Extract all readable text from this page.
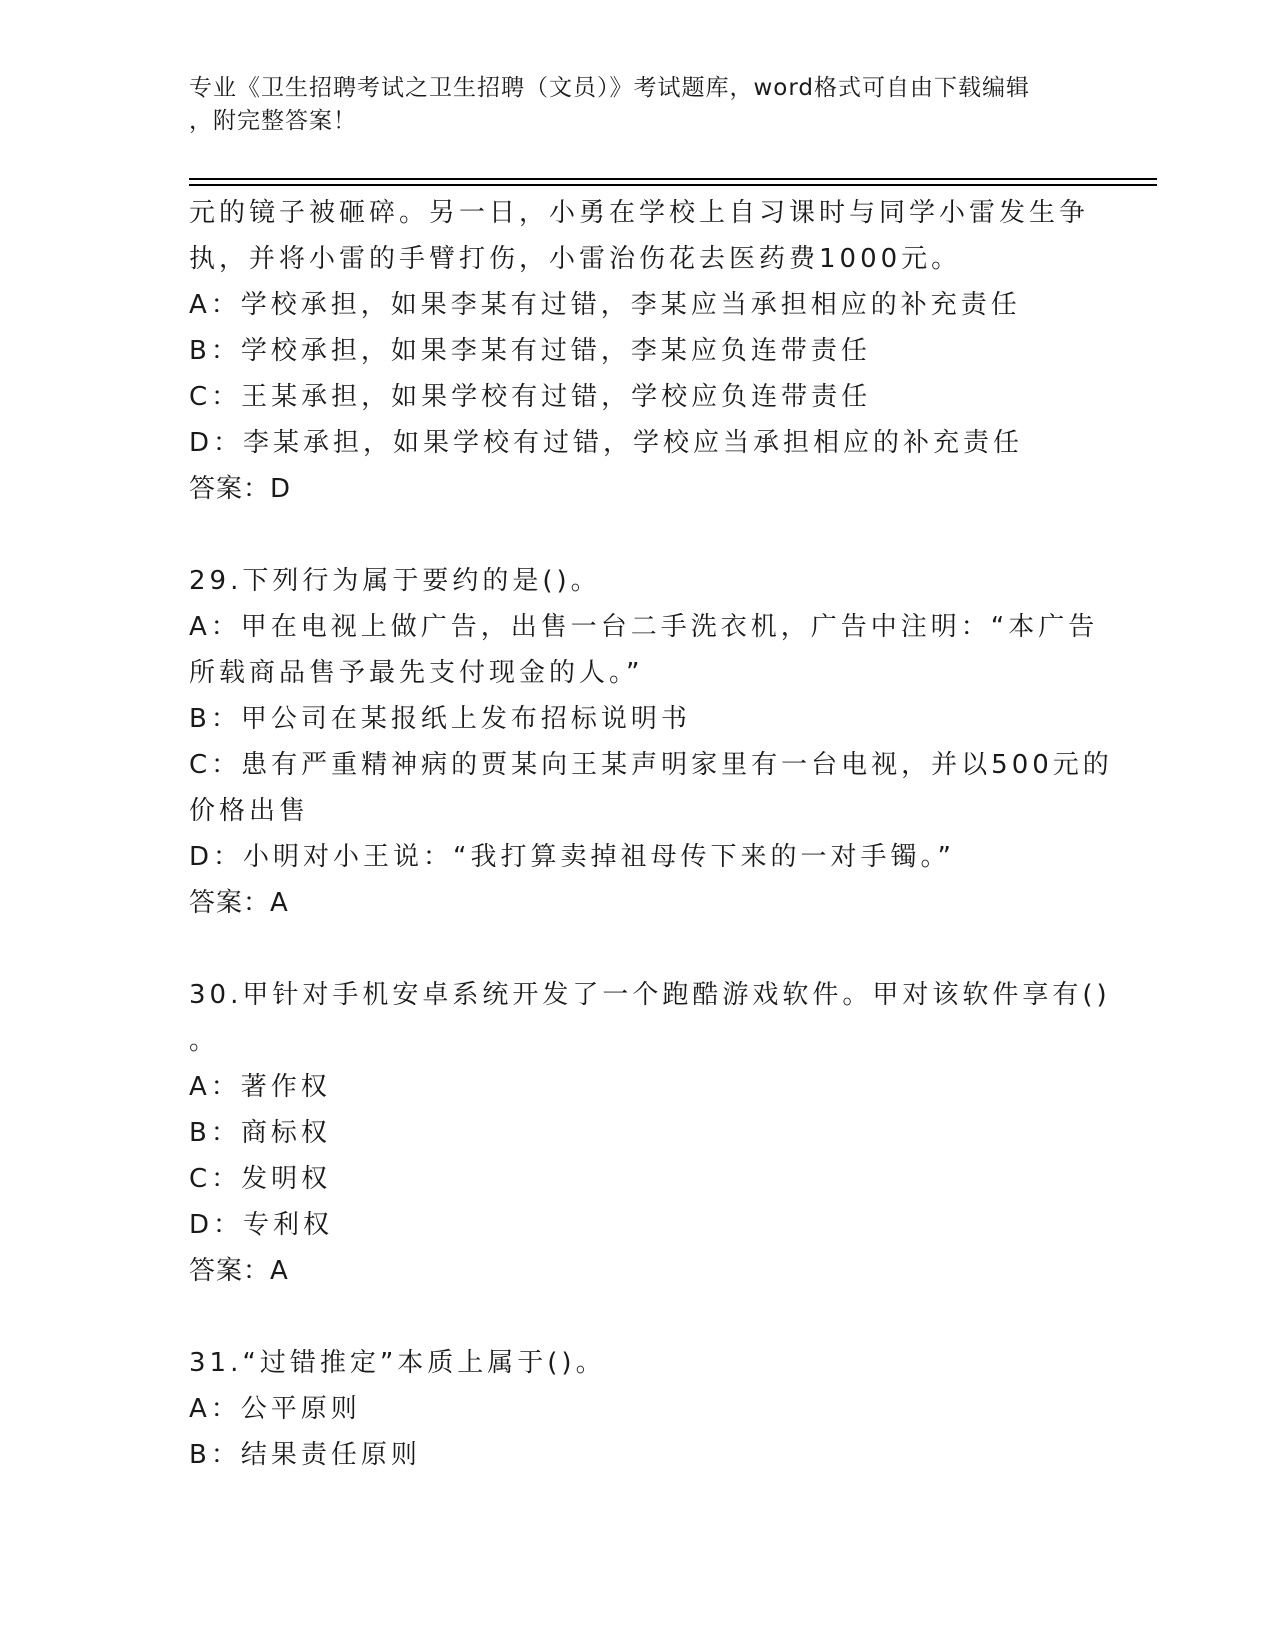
专业《卫生招聘考试之卫生招聘（文员）》考试题库，word格式可自由下载编辑
，附完整答案！
元的镜子被砸碎。另一日，小勇在学校上自习课时与同学小雷发生争
执，并将小雷的手臂打伤，小雷治伤花去医药费1000元。
A：学校承担，如果李某有过错，李某应当承担相应的补充责任
B：学校承担，如果李某有过错，李某应负连带责任
C：王某承担，如果学校有过错，学校应负连带责任
D：李某承担，如果学校有过错，学校应当承担相应的补充责任
答案：D
29.下列行为属于要约的是()。
A：甲在电视上做广告，出售一台二手洗衣机，广告中注明：“本广告
所载商品售予最先支付现金的人。”
B：甲公司在某报纸上发布招标说明书
C：患有严重精神病的贾某向王某声明家里有一台电视，并以500元的
价格出售
D：小明对小王说：“我打算卖掉祖母传下来的一对手镯。”
答案：A
30.甲针对手机安卓系统开发了一个跑酷游戏软件。甲对该软件享有()
。
A：著作权
B：商标权
C：发明权
D：专利权
答案：A
31.“过错推定”本质上属于()。
A：公平原则
B：结果责任原则
